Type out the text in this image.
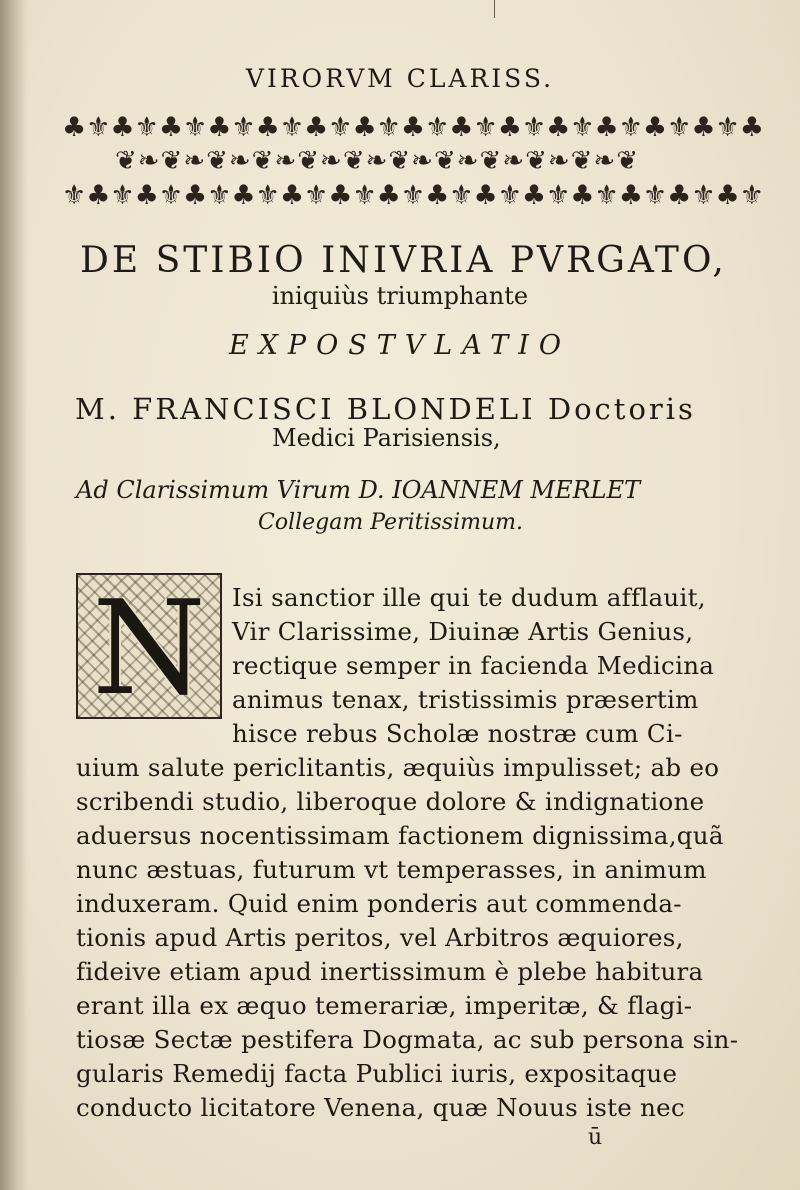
VIRORVM CLARISS.
♣⚜♣⚜♣⚜♣⚜♣⚜♣⚜♣⚜♣⚜♣⚜♣⚜♣⚜♣⚜♣⚜♣⚜♣
❦❧❦❧❦❧❦❧❦❧❦❧❦❧❦❧❦❧❦❧❦❧❦
⚜♣⚜♣⚜♣⚜♣⚜♣⚜♣⚜♣⚜♣⚜♣⚜♣⚜♣⚜♣⚜♣⚜♣⚜
DE STIBIO INIVRIA PVRGATO,
iniquiùs triumphante
EXPOSTVLATIO
M. FRANCISCI BLONDELI Doctoris
Medici Parisiensis,
Ad Clarissimum Virum D. IOANNEM MERLET
Collegam Peritissimum.
N	Isi sanctior ille qui te dudum afflauit,
Vir Clarissime, Diuinæ Artis Genius,
rectique semper in facienda Medicina
animus tenax, tristissimis præsertim
hisce rebus Scholæ nostræ cum Ci-
uium salute periclitantis, æquiùs impulisset; ab eo
scribendi studio, liberoque dolore & indignatione
aduersus nocentissimam factionem dignissima,quã
nunc æstuas, futurum vt temperasses, in animum
induxeram. Quid enim ponderis aut commenda-
tionis apud Artis peritos, vel Arbitros æquiores,
fideive etiam apud inertissimum è plebe habitura
erant illa ex æquo temerariæ, imperitæ, & flagi-
tiosæ Sectæ pestifera Dogmata, ac sub persona sin-
gularis Remedij facta Publici iuris, expositaque
conducto licitatore Venena, quæ Nouus iste nec
ū
